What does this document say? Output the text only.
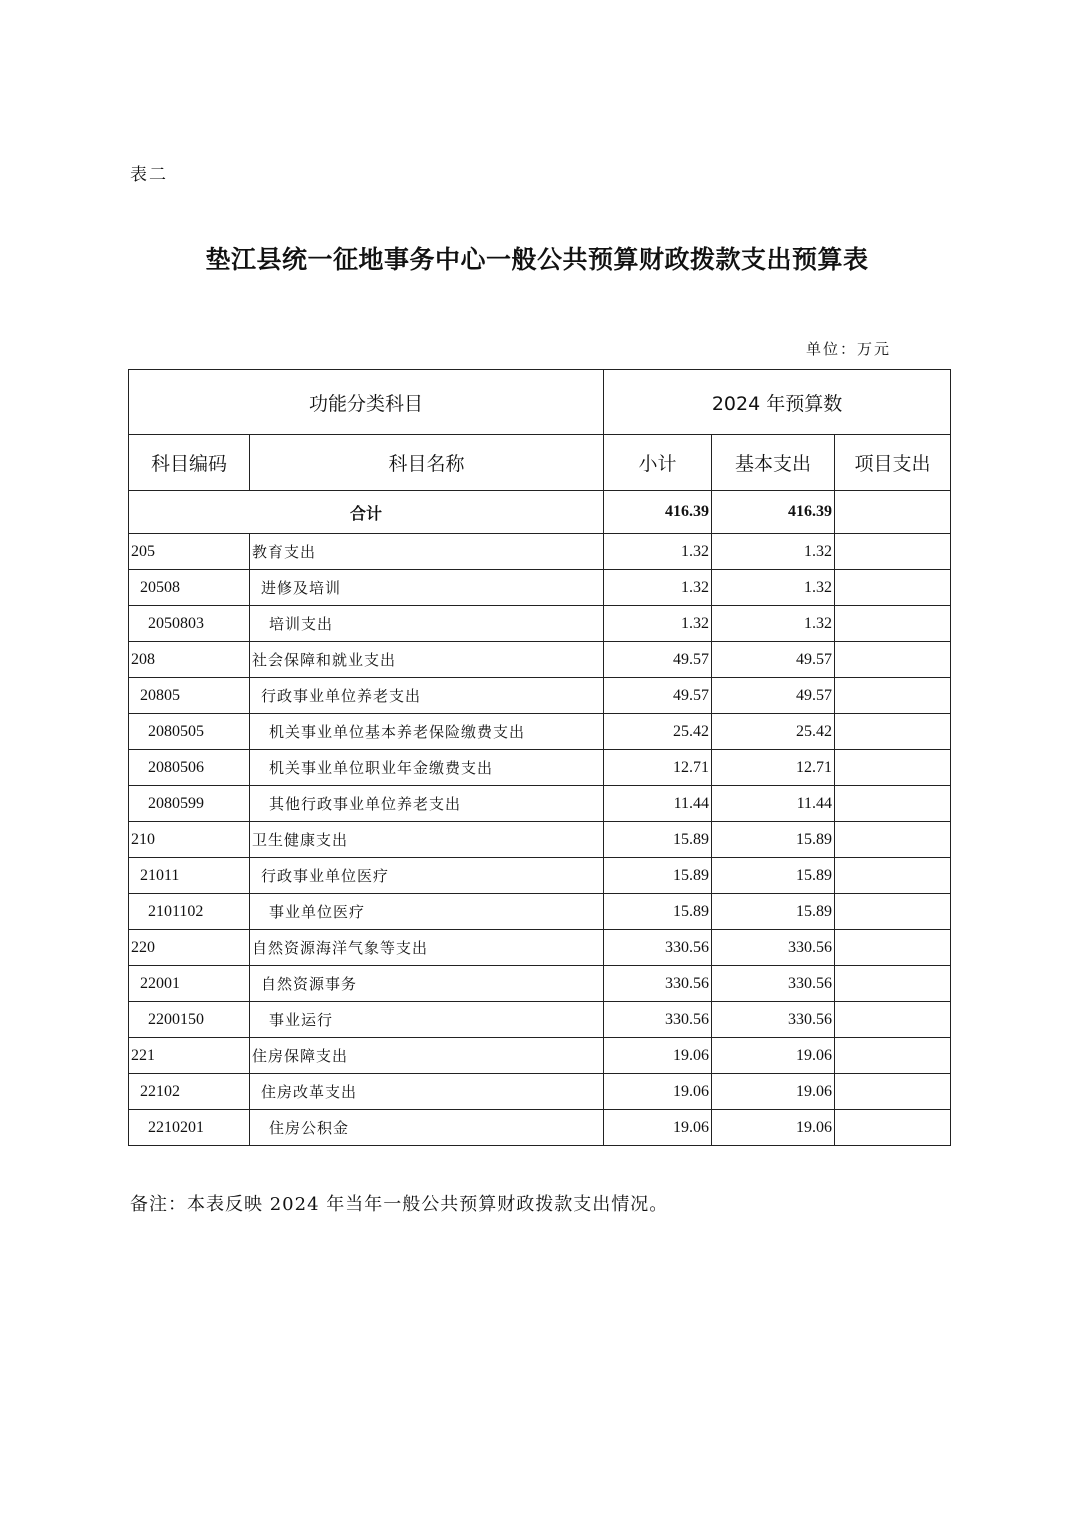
表二
垫江县统一征地事务中心一般公共预算财政拨款支出预算表
单位：万元
功能分类科目		2024 年预算数		
科目编码	科目名称	小计	基本支出	项目支出
合计		416.39	416.39	
205	教育支出	1.32	1.32	
20508	进修及培训	1.32	1.32	
2050803	培训支出	1.32	1.32	
208	社会保障和就业支出	49.57	49.57	
20805	行政事业单位养老支出	49.57	49.57	
2080505	机关事业单位基本养老保险缴费支出	25.42	25.42	
2080506	机关事业单位职业年金缴费支出	12.71	12.71	
2080599	其他行政事业单位养老支出	11.44	11.44	
210	卫生健康支出	15.89	15.89	
21011	行政事业单位医疗	15.89	15.89	
2101102	事业单位医疗	15.89	15.89	
220	自然资源海洋气象等支出	330.56	330.56	
22001	自然资源事务	330.56	330.56	
2200150	事业运行	330.56	330.56	
221	住房保障支出	19.06	19.06	
22102	住房改革支出	19.06	19.06	
2210201	住房公积金	19.06	19.06	
备注：本表反映 2024 年当年一般公共预算财政拨款支出情况。
